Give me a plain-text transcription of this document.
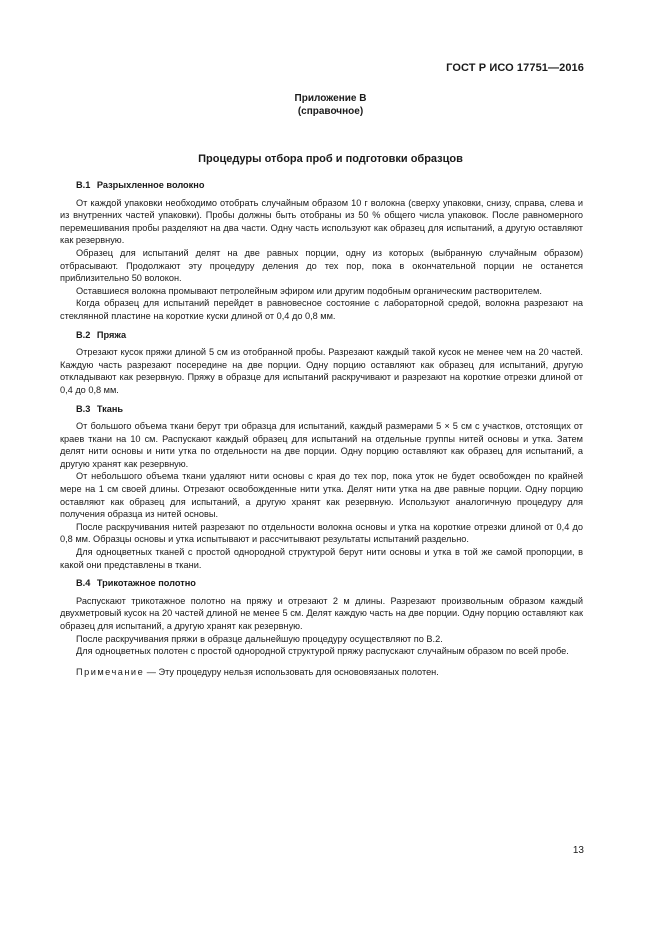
ГОСТ Р ИСО 17751—2016
Приложение В
(справочное)
Процедуры отбора проб и подготовки образцов
В.1 Разрыхленное волокно

От каждой упаковки необходимо отобрать случайным образом 10 г волокна (сверху упаковки, снизу, справа, слева и из внутренних частей упаковки). Пробы должны быть отобраны из 50 % общего числа упаковок. После равномерного перемешивания пробы разделяют на два части. Одну часть используют как образец для испытаний, а другую оставляют как резервную.

Образец для испытаний делят на две равных порции, одну из которых (выбранную случайным образом) отбрасывают. Продолжают эту процедуру деления до тех пор, пока в окончательной порции не останется приблизительно 50 волокон.

Оставшиеся волокна промывают петролейным эфиром или другим подобным органическим растворителем.

Когда образец для испытаний перейдет в равновесное состояние с лабораторной средой, волокна разрезают на стеклянной пластине на короткие куски длиной от 0,4 до 0,8 мм.

В.2 Пряжа

Отрезают кусок пряжи длиной 5 см из отобранной пробы. Разрезают каждый такой кусок не менее чем на 20 частей. Каждую часть разрезают посередине на две порции. Одну порцию оставляют как образец для испытаний, другую откладывают как резервную. Пряжу в образце для испытаний раскручивают и разрезают на короткие отрезки длиной от 0,4 до 0,8 мм.

В.3 Ткань

От большого объема ткани берут три образца для испытаний, каждый размерами 5 × 5 см с участков, отстоящих от краев ткани на 10 см. Распускают каждый образец для испытаний на отдельные группы нитей основы и утка. Затем делят нити основы и нити утка по отдельности на две порции. Одну порцию оставляют как образец для испытаний, а другую хранят как резервную.

От небольшого объема ткани удаляют нити основы с края до тех пор, пока уток не будет освобожден по крайней мере на 1 см своей длины. Отрезают освобожденные нити утка. Делят нити утка на две равные порции. Одну порцию оставляют как образец для испытаний, а другую хранят как резервную. Используют аналогичную процедуру для получения образца из нитей основы.

После раскручивания нитей разрезают по отдельности волокна основы и утка на короткие отрезки длиной от 0,4 до 0,8 мм. Образцы основы и утка испытывают и рассчитывают результаты испытаний раздельно.

Для одноцветных тканей с простой однородной структурой берут нити основы и утка в той же самой пропорции, в какой они представлены в ткани.

В.4 Трикотажное полотно

Распускают трикотажное полотно на пряжу и отрезают 2 м длины. Разрезают произвольным образом каждый двухметровый кусок на 20 частей длиной не менее 5 см. Делят каждую часть на две порции. Одну порцию оставляют как образец для испытаний, а другую хранят как резервную.

После раскручивания пряжи в образце дальнейшую процедуру осуществляют по В.2.

Для одноцветных полотен с простой однородной структурой пряжу распускают случайным образом по всей пробе.

Примечание — Эту процедуру нельзя использовать для основовязаных полотен.
13
